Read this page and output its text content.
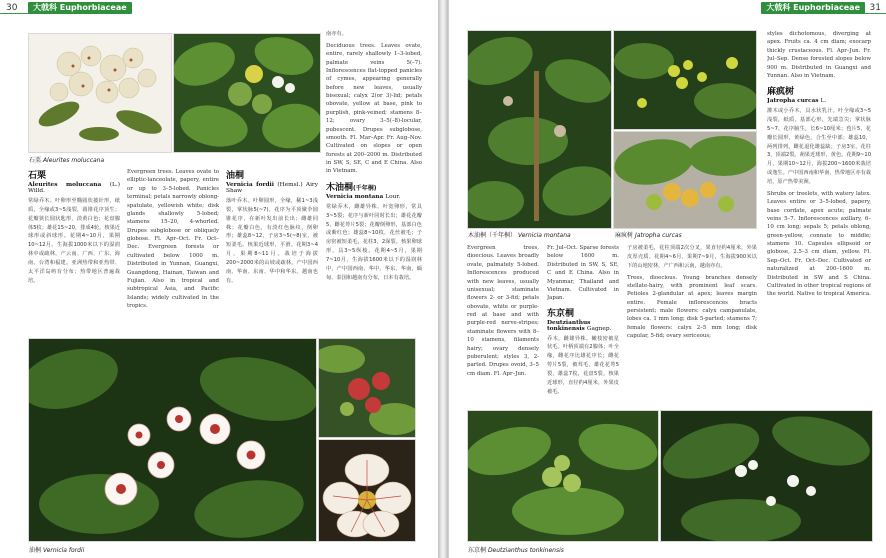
30	大戟科 Euphorbiaceae
石栗 Aleurites moluccana
石栗
Aleurites moluccana (L.) Willd.

常绿乔木。叶卵形至椭圆状披针形，纸质，全缘或3~5浅裂，圆锥花序顶生；花瓣狭长圆状匙形，淡黄白色；花盘腺体5枚；雄花15~20，排成4轮。核果近球形或斜球形。花期4~10月，果期10~12月。生海拔1000米以下的湿润林中或疏林，产云南、广西、广东、海南、台湾和福建。亚洲热带和亚热带、太平洋岛屿有分布；热带地区普遍栽培。

Evergreen trees. Leaves ovate to elliptic-lanceolate, papery, entire or up to 3–5-lobed. Panicles terminal; petals narrowly oblong-spatulate, yellowish white; disk glands shallowly 5-lobed; stamens 15–20, 4-whorled. Drupes subglobose or obliquely globose. Fl. Apr–Oct. Fr. Oct–Dec. Evergreen forests or cultivated below 1000 m. Distributed in Yunnan, Guangxi, Guangdong, Hainan, Taiwan and Fujian. Also in tropical and subtropical Asia, and Pacific Islands; widely cultivated in the tropics.

油桐
Vernicia fordii (Hemsl.) Airy Shaw

落叶乔木。叶卵圆形，全缘，稀1~3浅裂，掌状脉5(~7)。花序为平顶聚伞圆锥花序，在新叶发出前长出；雌雄同株；花瓣白色，有淡红色脉纹，倒卵形；雄蕊8~12，子房3~5(~8)室，被短柔毛。核果近球形，平滑。花期3~4月，果期8~11月。栽培于海拔200~2000米的山坡或疏林。产中国西南、华南、东南、华中和华东。越南也有。

南亦有。

Deciduous trees. Leaves ovate, entire, rarely shallowly 1–3-lobed, palmate veins 5(–7). Inflorescences flat-topped panicles of cymes, appearing generally before new leaves, usually bisexual; calyx 2(or 3)-lid; petals obovate, yellow at base, pink to purplish, pink-veined; stamens 8–12; ovary 3–5(–8)-locular, pubescent. Drupes subglobose, smooth. Fl. Mar–Apr. Fr. Aug–Nov. Cultivated on slopes or open forests at 200–2000 m. Distributed in SW, S, SE, C and E China. Also in Vietnam.

木油桐(千年桐)
Vernicia montana Lour.

常绿乔木，雌雄异株。叶宽卵形，常具3~5裂；花序与新叶同时长出；雄花花瓣5，雌花萼片5裂；花瓣倒卵形，基部白色或紫红色；雄蕊8~10枚，花丝被毛；子房密被短柔毛，花柱3，2深裂。核果卵球形，具3~5纵棱。花期4~5月，果期7~10月，生海拔1600米以下的湿润林中，产中国西南、华中、华东、华南，缅甸、泰国和越南有分布，日本有栽培。

油桐 Vernicia fordii
31
大戟科 Euphorbiaceae
木油桐（千年桐） Vernicia montana	麻疯树 Jatropha curcas

styles dichotomous, diverging at apex. Fruits ca. 4 cm diam; exocarp thickly crustaceous. Fl. Apr–Jun. Fr. Jul–Sep. Dense forested slopes below 900 m. Distributed in Guangxi and Yunnan. Also in Vietnam.

麻疯树
Jatropha curcas L.

灌木或小乔木，具水状乳汁。叶全缘或3~5浅裂，纸质，基部心形，先端急尖；掌状脉5~7，花序腋生，长6~10厘米；苞片5，花瓣长圆形，黄绿色，合生至中部；雄蕊10，两列排列，雌花退化雄蕊缺；子房3室，花柱3，顶端2裂。蒴果近球形，黄色。花期9~10月，果期10~12月，海拔200~1600米栽培或逸生。产中国西南和华南，热带地区亦有栽培，原产热带美洲。

Shrubs or treelets, with watery latex. Leaves entire or 3–5-lobed, papery, base cordate, apex acute; palmate veins 5–7. Inflorescences axillary, 6–10 cm long; sepals 5; petals oblong, green-yellow, connate to middle; stamens 10. Capsules ellipsoid or globose, 2.5–3 cm diam, yellow. Fl. Sep–Oct. Fr. Oct–Dec. Cultivated or naturalized at 200–1600 m. Distributed in SW and S China. Cultivated in other tropical regions of the world. Native to tropical America.

Evergreen trees, dioecious. Leaves broadly ovate, palmately 5-lobed. Inflorescences produced with new leaves, usually unisexual; staminate flowers 2- or 3-fid; petals obovate, white or purple-red at base and with purple-red nerve-stripes; staminate flowers with 8–10 stamens, filaments hairy; ovary densely puberulent; styles 3, 2-parted. Drupes ovoid, 3–5 cm diam. Fl. Apr–Jun.

Fr. Jul–Oct. Sparse forests below 1600 m. Distributed in SW, S, SE, C and E China. Also in Myanmar, Thailand and Vietnam. Cultivated in Japan.

东京桐
Deutzianthus tonkinensis Gagnep.

乔木，雌雄异株。嫩枝密被星状毛。叶柄顶端有2腺体；叶全缘，雌花序比雄花序长；雌花萼片5裂，被茸毛，雄花花萼5裂，雄蕊7枚，花盘5裂。核果近球形，直径约4厘米，外果皮被毛。

子房被柔毛，花柱顶端2次分叉，果直径约4厘米，外果皮厚壳质。花期4~6月，果期7~9月，生海拔900米以下的山地密林，产广西和云南，越南亦有。

Trees, dioecious. Young branches densely stellate-hairy, with prominent leaf scars. Petioles 2-glandular at apex; leaves margin entire. Female inflorescences bracts persistent; male flowers: calyx campanulate, lobes ca. 1 mm long; disk 5-parted; stamens 7; female flowers: calyx 2–5 mm long; disk capular, 5-fid; ovary sericeous;

东京桐 Deutzianthus tonkinensis
